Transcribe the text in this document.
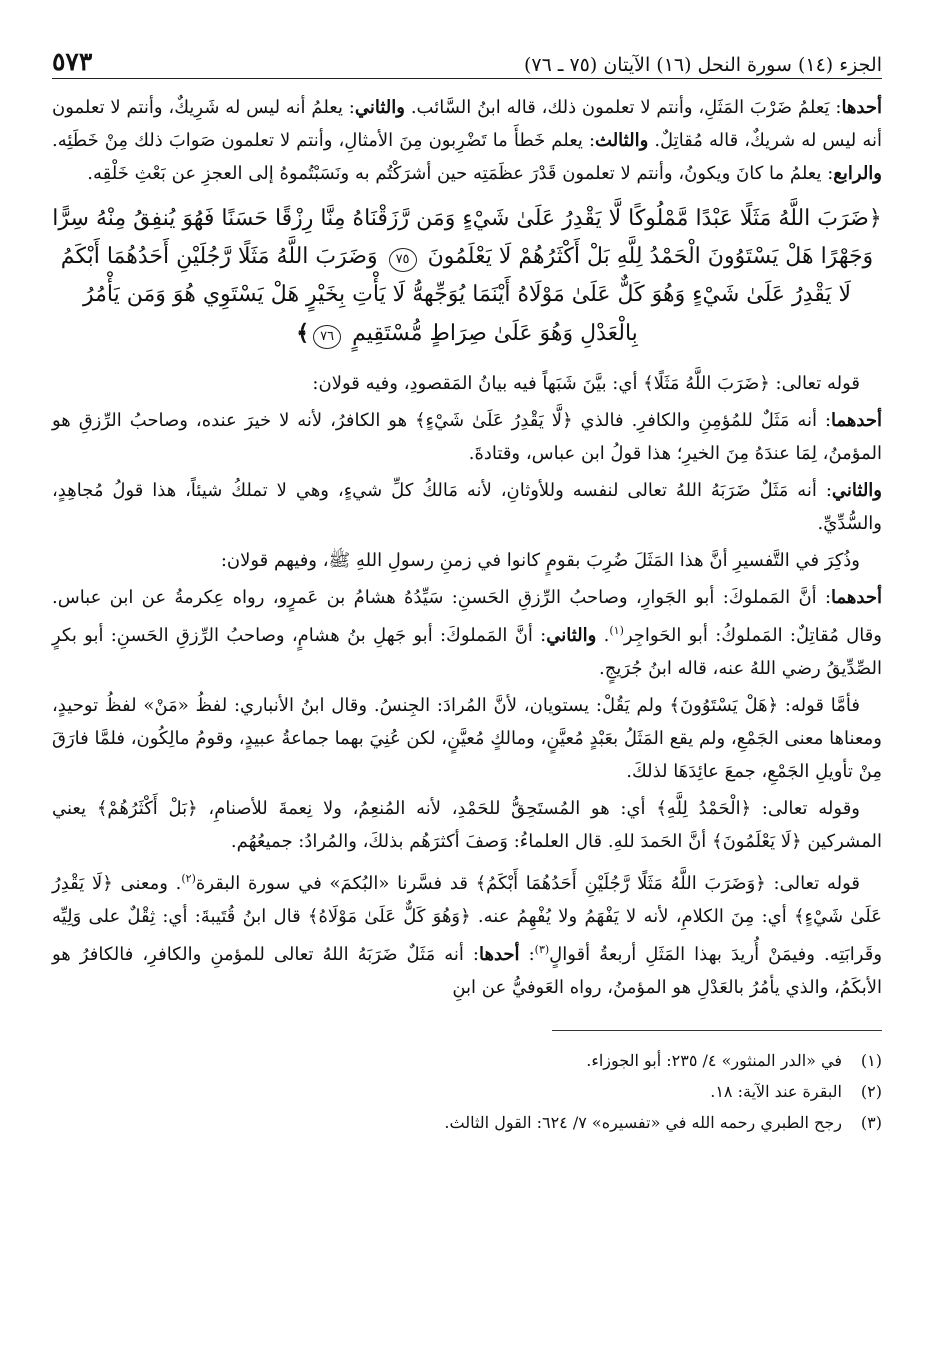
الجزء (١٤) سورة النحل (١٦) الآيتان (٧٥ ـ ٧٦)
٥٧٣

أحدها: يَعلمُ ضَرْبَ المَثَلِ، وأنتم لا تعلمون ذلك، قاله ابنُ السَّائب. والثاني: يعلمُ أنه ليس له شَرِيكٌ، وأنتم لا تعلمون أنه ليس له شريكٌ، قاله مُقاتِلٌ. والثالث: يعلم خَطأَ ما تَضْرِبون مِنَ الأمثالِ، وأنتم لا تعلمون صَوابَ ذلك مِنْ خَطَئِه. والرابع: يعلمُ ما كانَ ويكونُ، وأنتم لا تعلمون قَدْرَ عظَمَتِه حين أشرَكْتُم به ونَسَبْتُموهُ إلى العجزِ عن بَعْثِ خَلْقِه.

﴿ضَرَبَ اللَّهُ مَثَلًا عَبْدًا مَّمْلُوكًا لَّا يَقْدِرُ عَلَىٰ شَيْءٍ وَمَن رَّزَقْنَاهُ مِنَّا رِزْقًا حَسَنًا فَهُوَ يُنفِقُ مِنْهُ سِرًّا وَجَهْرًا هَلْ يَسْتَوُونَ الْحَمْدُ لِلَّهِ بَلْ أَكْثَرُهُمْ لَا يَعْلَمُونَ ٧٥ وَضَرَبَ اللَّهُ مَثَلًا رَّجُلَيْنِ أَحَدُهُمَا أَبْكَمُ لَا يَقْدِرُ عَلَىٰ شَيْءٍ وَهُوَ كَلٌّ عَلَىٰ مَوْلَاهُ أَيْنَمَا يُوَجِّههُّ لَا يَأْتِ بِخَيْرٍ هَلْ يَسْتَوِي هُوَ وَمَن يَأْمُرُ بِالْعَدْلِ وَهُوَ عَلَىٰ صِرَاطٍ مُّسْتَقِيمٍ ٧٦﴾

قوله تعالى: ﴿ضَرَبَ اللَّهُ مَثَلًا﴾ أي: بيَّنَ شَبَهاً فيه بيانُ المَقصودِ، وفيه قولان:

أحدهما: أنه مَثَلٌ للمُؤمِنِ والكافرِ. فالذي ﴿لَّا يَقْدِرُ عَلَىٰ شَيْءٍ﴾ هو الكافرُ، لأنه لا خيرَ عنده، وصاحبُ الرِّزقِ هو المؤمنُ، لِمَا عندَهُ مِنَ الخيرِ؛ هذا قولُ ابن عباس، وقتادةَ.

والثاني: أنه مَثَلٌ ضَرَبَهُ اللهُ تعالى لنفسه وللأوثانِ، لأنه مَالكُ كلِّ شيءٍ، وهي لا تملكُ شيئاً، هذا قولُ مُجاهِدٍ، والسُّدِّيِّ.

وذُكِرَ في التَّفسيرِ أنَّ هذا المَثَلَ ضُرِبَ بقومٍ كانوا في زمنِ رسولِ اللهِ ﷺ، وفيهم قولان:

أحدهما: أنَّ المَملوكَ: أبو الجَوارِ، وصاحبُ الرِّزقِ الحَسنِ: سَيِّدُهُ هشامُ بن عَمرٍو، رواه عِكرمةُ عن ابن عباس. وقال مُقاتِلٌ: المَملوكُ: أبو الحَواجِر$^{(١)}$. والثاني: أنَّ المَملوكَ: أبو جَهلِ بنُ هشامٍ، وصاحبُ الرِّزقِ الحَسنِ: أبو بكرٍ الصِّدِّيقُ رضي اللهُ عنه، قاله ابنُ جُرَيجٍ.

فأمَّا قوله: ﴿هَلْ يَسْتَوُونَ﴾ ولم يَقُلْ: يستويان، لأنَّ المُرادَ: الجِنسُ. وقال ابنُ الأنباري: لفظُ «مَنْ» لفظُ توحيدٍ، ومعناها معنى الجَمْعِ، ولم يقع المَثَلُ بعَبْدٍ مُعيَّنٍ، ومالكٍ مُعيَّنٍ، لكن عُنِيَ بهما جماعةُ عبيدٍ، وقومُ مالِكُون، فلمَّا فارَقَ مِنْ تأويلِ الجَمْعِ، جمعَ عائِدَهَا لذلكَ.

وقوله تعالى: ﴿الْحَمْدُ لِلَّهِ﴾ أي: هو المُستَحِقُّ للحَمْدِ، لأنه المُنعِمُ، ولا نِعمةَ للأصنامِ، ﴿بَلْ أَكْثَرُهُمْ﴾ يعني المشركين ﴿لَا يَعْلَمُونَ﴾ أنَّ الحَمدَ للهِ. قال العلماءُ: وَصفَ أكثرَهُم بذلكَ، والمُرادُ: جميعُهُم.

قوله تعالى: ﴿وَضَرَبَ اللَّهُ مَثَلًا رَّجُلَيْنِ أَحَدُهُمَا أَبْكَمُ﴾ قد فسَّرنا «البُكمَ» في سورة البقرة$^{(٢)}$. ومعنى ﴿لَا يَقْدِرُ عَلَىٰ شَيْءٍ﴾ أي: مِنَ الكلامِ، لأنه لا يَفْهَمُ ولا يُفْهِمُ عنه. ﴿وَهُوَ كَلٌّ عَلَىٰ مَوْلَاهُ﴾ قال ابنُ قُتَيبةَ: أي: ثِقْلٌ على وَلِيِّه وقَرابَتِه. وفيمَنْ أُريدَ بهذا المَثَلِ أربعةُ أقوالٍ$^{(٣)}$: أحدها: أنه مَثَلٌ ضَرَبَهُ اللهُ تعالى للمؤمنِ والكافرِ، فالكافرُ هو الأبكَمُ، والذي يأمُرُ بالعَدْلِ هو المؤمنُ، رواه العَوفيُّ عن ابنِ

(١)
في «الدر المنثور» ٤/ ٢٣٥: أبو الجوزاء.
(٢)
البقرة عند الآية: ١٨.
(٣)
رجح الطبري رحمه الله في «تفسيره» ٧/ ٦٢٤: القول الثالث.
